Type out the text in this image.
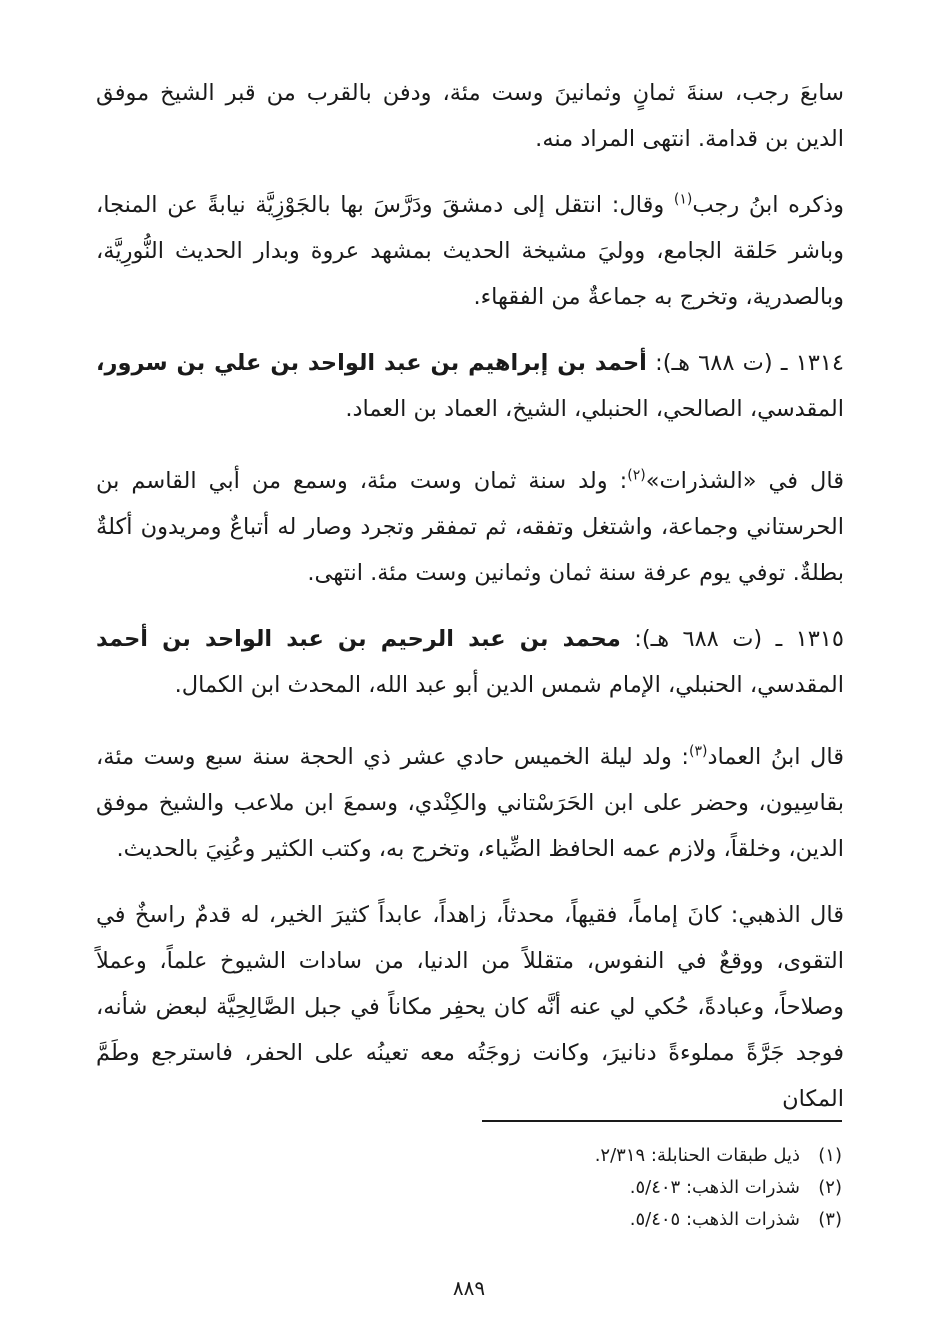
سابعَ رجب، سنةَ ثمانٍ وثمانينَ وست مئة، ودفن بالقرب من قبر الشيخ موفق الدين بن قدامة. انتهى المراد منه.

وذكره ابنُ رجب$^{(١)}$ وقال: انتقل إلى دمشقَ ودَرَّسَ بها بالجَوْزِيَّة نيابةً عن المنجا، وباشر حَلقة الجامع، ووليَ مشيخة الحديث بمشهد عروة وبدار الحديث النُّورِيَّة، وبالصدرية، وتخرج به جماعةٌ من الفقهاء.

١٣١٤ ـ (ت ٦٨٨ هـ): أحمد بن إبراهيم بن عبد الواحد بن علي بن سرور، المقدسي، الصالحي، الحنبلي، الشيخ، العماد بن العماد.

قال في «الشذرات»$^{(٢)}$: ولد سنة ثمان وست مئة، وسمع من أبي القاسم بن الحرستاني وجماعة، واشتغل وتفقه، ثم تمفقر وتجرد وصار له أتباعٌ ومريدون أكلةٌ بطلةٌ. توفي يوم عرفة سنة ثمان وثمانين وست مئة. انتهى.

١٣١٥ ـ (ت ٦٨٨ هـ): محمد بن عبد الرحيم بن عبد الواحد بن أحمد المقدسي، الحنبلي، الإمام شمس الدين أبو عبد الله، المحدث ابن الكمال.

قال ابنُ العماد$^{(٣)}$: ولد ليلة الخميس حادي عشر ذي الحجة سنة سبع وست مئة، بقاسِيون، وحضر على ابن الحَرَسْتاني والكِنْدي، وسمعَ ابن ملاعب والشيخ موفق الدين، وخلقاً، ولازم عمه الحافظ الضِّياء، وتخرج به، وكتب الكثير وعُنِيَ بالحديث.

قال الذهبي: كانَ إماماً، فقيهاً، محدثاً، زاهداً، عابداً كثيرَ الخير، له قدمٌ راسخٌ في التقوى، ووقعٌ في النفوس، متقللاً من الدنيا، من سادات الشيوخ علماً، وعملاً وصلاحاً، وعبادةً، حُكي لي عنه أنَّه كان يحفِر مكاناً في جبل الصَّالِحِيَّة لبعض شأنه، فوجد جَرَّةً مملوءةً دنانيرَ، وكانت زوجَتُه معه تعينُه على الحفر، فاسترجع وطَمَّ المكان

(١)ذيل طبقات الحنابلة: ٢/٣١٩.
(٢)شذرات الذهب: ٥/٤٠٣.
(٣)شذرات الذهب: ٥/٤٠٥.
٨٨٩
